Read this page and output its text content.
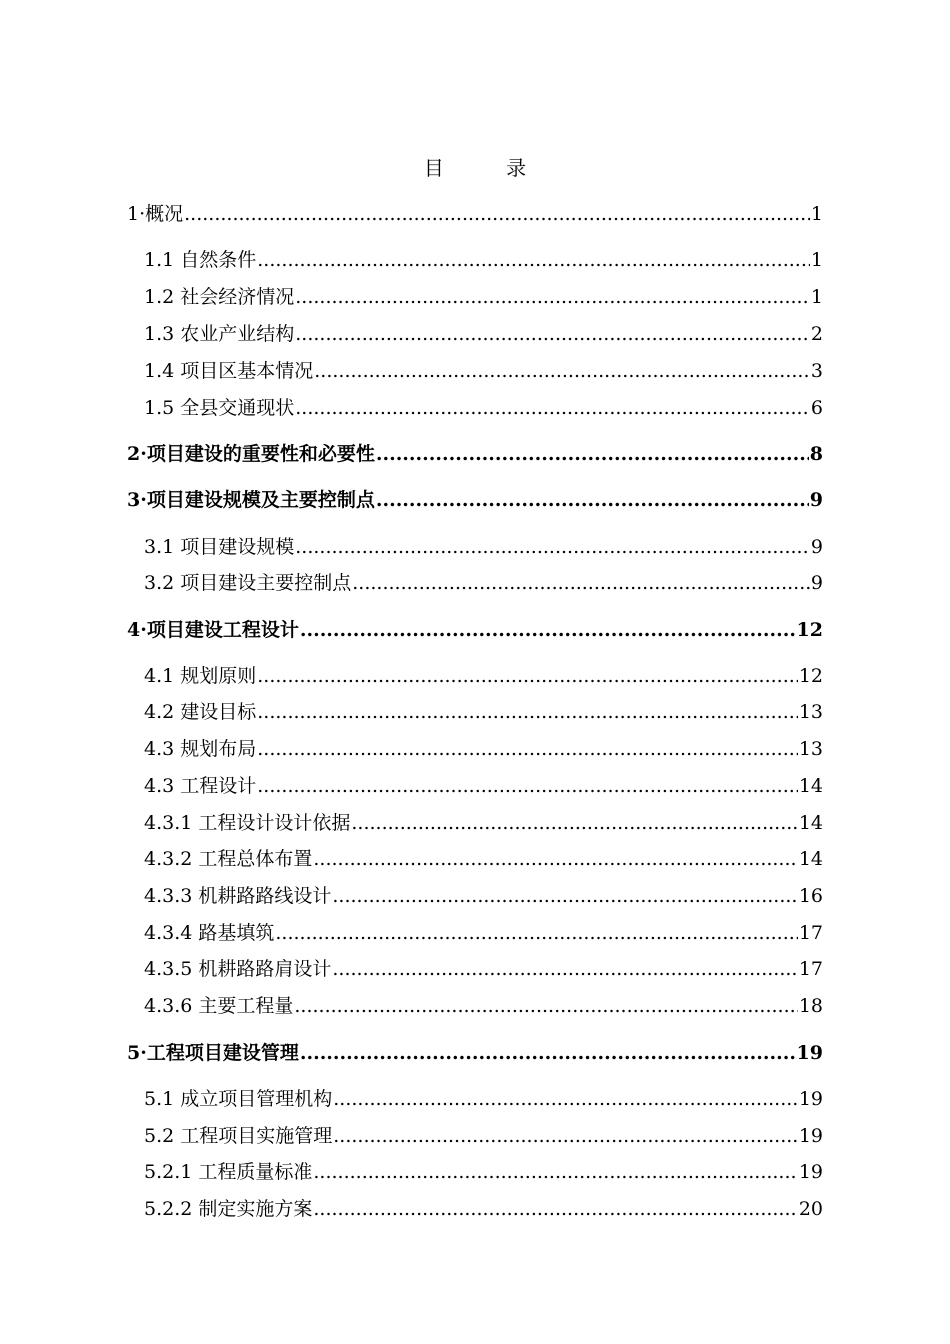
目 录
1·概况 .....	1
1.1 自然条件 .....	1
1.2 社会经济情况 .....	1
1.3 农业产业结构 .....	2
1.4 项目区基本情况 .....	3
1.5 全县交通现状 .....	6
2·项目建设的重要性和必要性 .....	8
3·项目建设规模及主要控制点 .....	9
3.1 项目建设规模 .....	9
3.2 项目建设主要控制点 .....	9
4·项目建设工程设计 .....	12
4.1 规划原则 .....	12
4.2 建设目标 .....	13
4.3 规划布局 .....	13
4.3 工程设计 .....	14
4.3.1 工程设计设计依据 .....	14
4.3.2 工程总体布置 .....	14
4.3.3 机耕路路线设计 .....	16
4.3.4 路基填筑 .....	17
4.3.5 机耕路路肩设计 .....	17
4.3.6 主要工程量 .....	18
5·工程项目建设管理 .....	19
5.1 成立项目管理机构 .....	19
5.2 工程项目实施管理 .....	19
5.2.1 工程质量标准 .....	19
5.2.2 制定实施方案 .....	20
